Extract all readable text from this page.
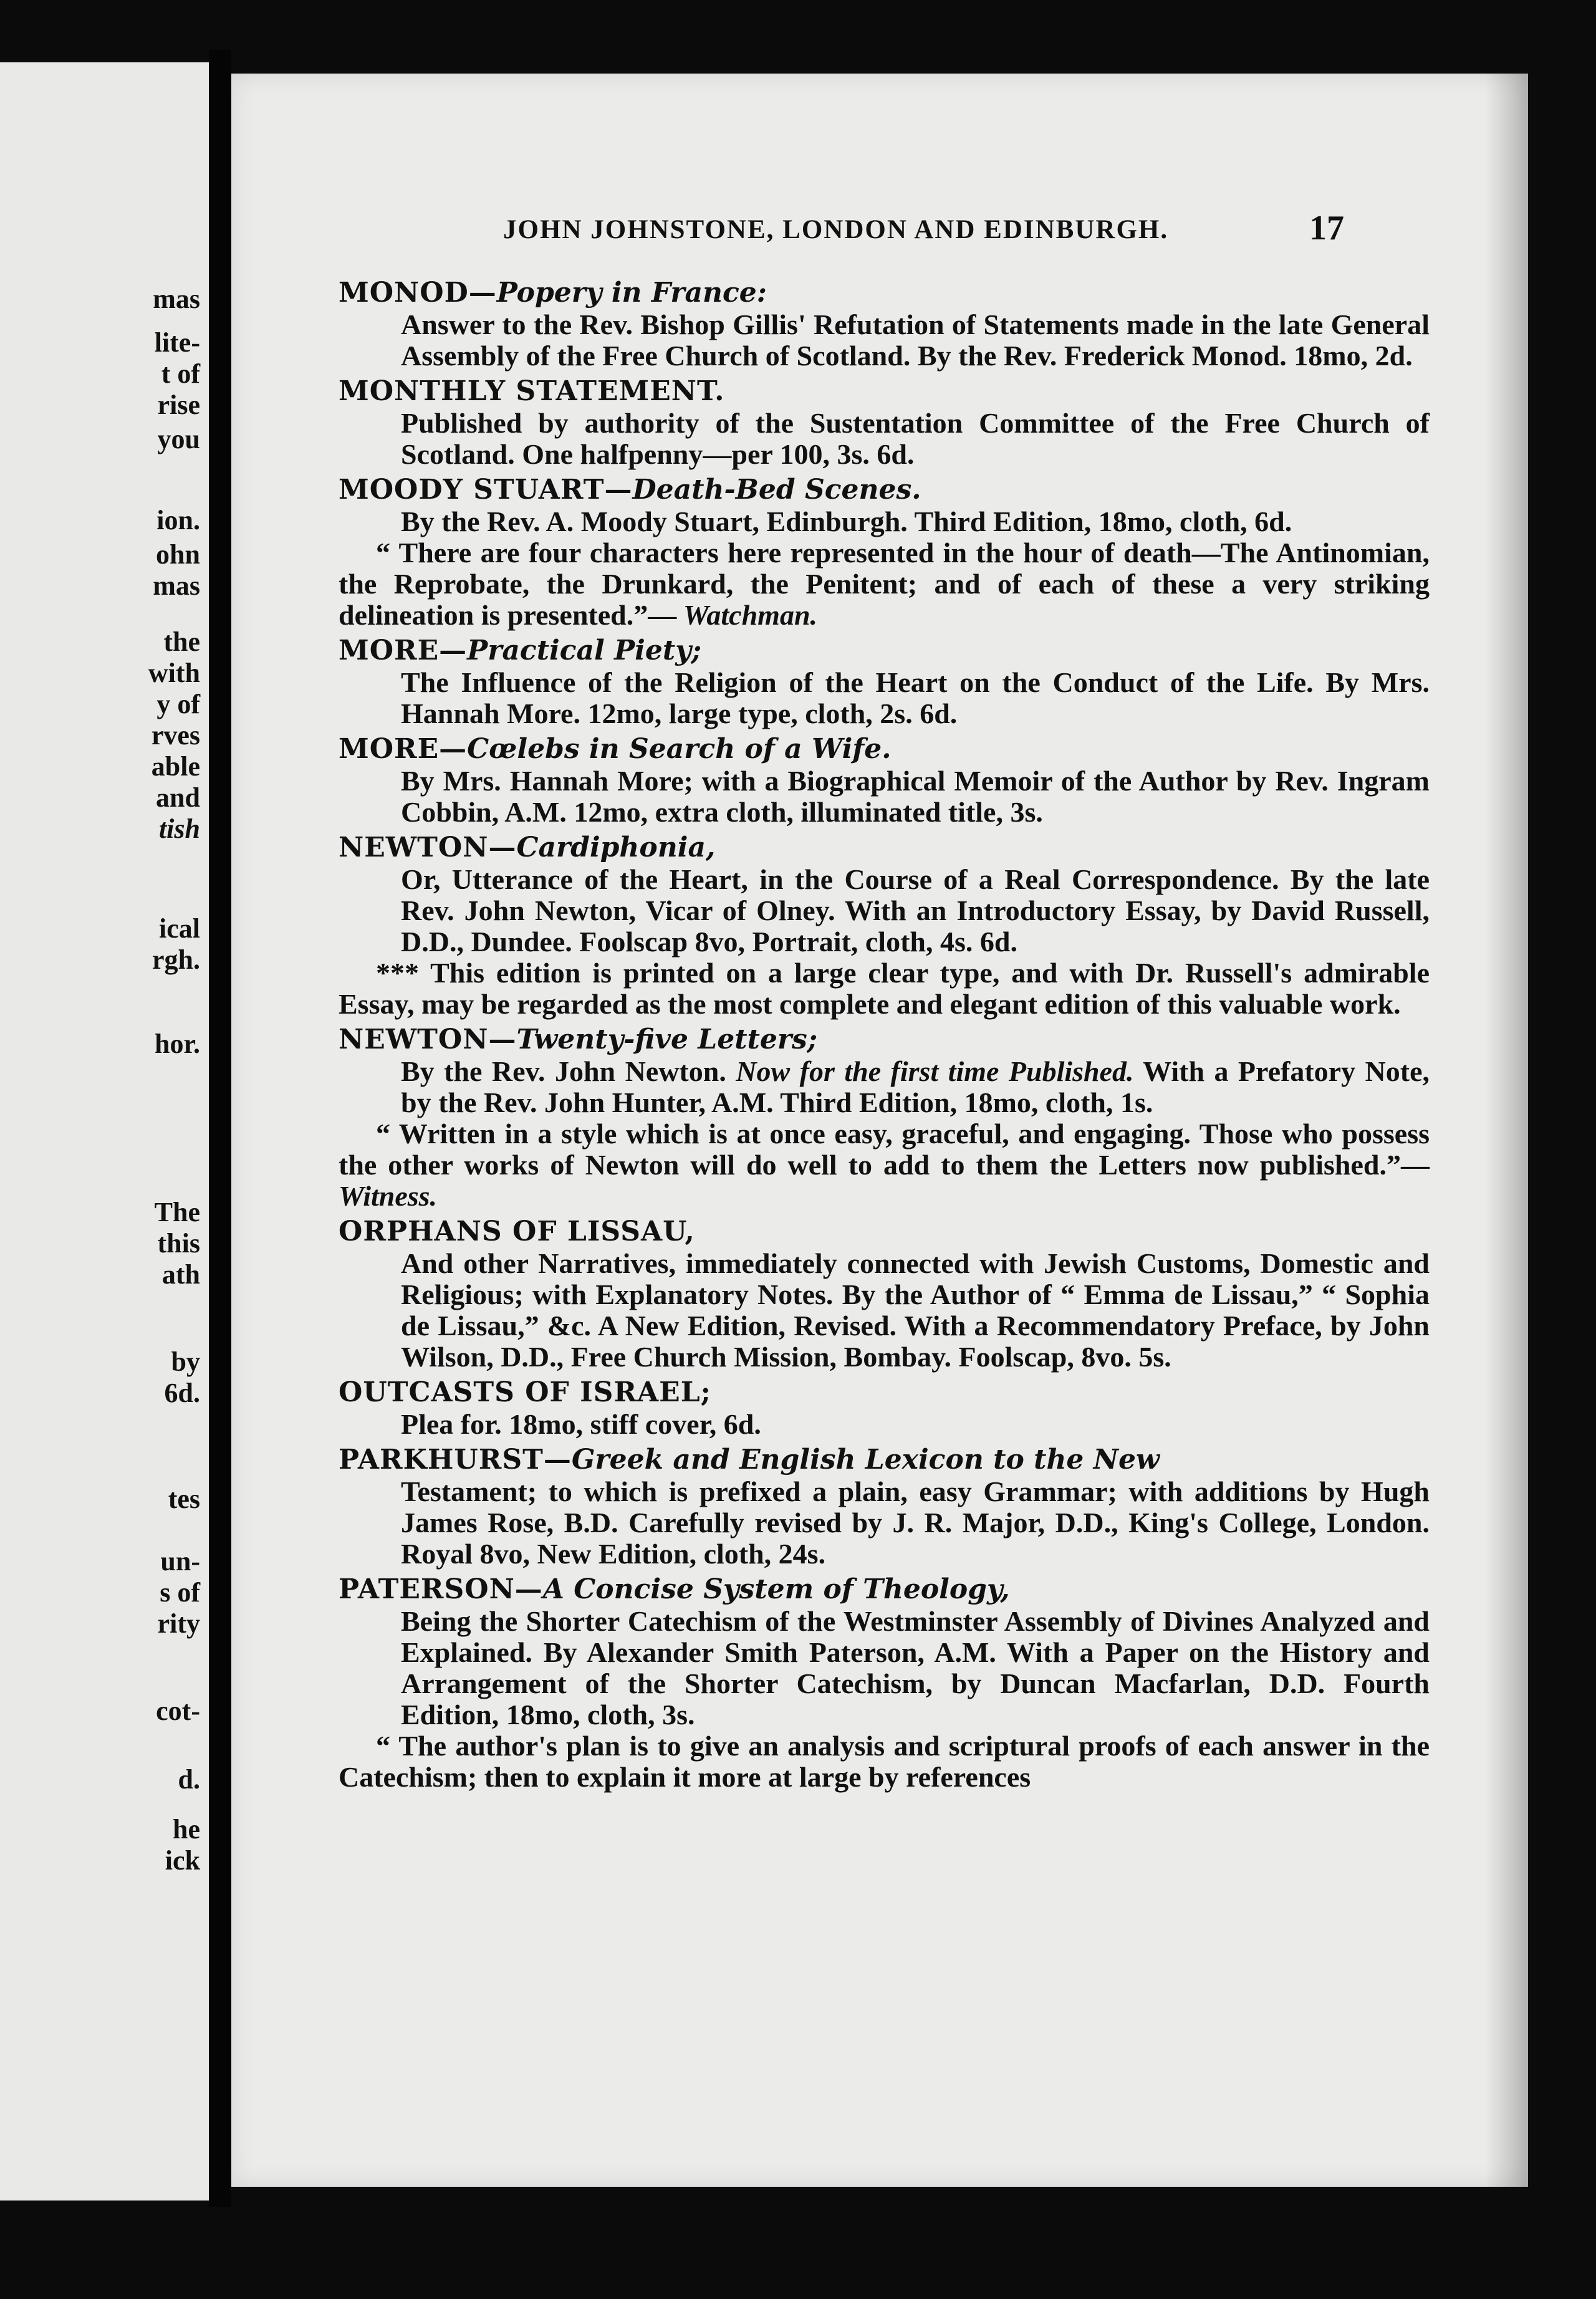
mas
lite-
t of
rise
you
ion.
ohn
mas
the
with
y of
rves
able
and
tish
ical
rgh.
hor.
The
this
ath
by
6d.
tes
un-
s of
rity
cot-
d.
he
ick
JOHN JOHNSTONE, LONDON AND EDINBURGH.	17
MONOD—Popery in France:
Answer to the Rev. Bishop Gillis' Refutation of Statements made in the late General Assembly of the Free Church of Scotland. By the Rev. Frederick Monod. 18mo, 2d.
MONTHLY STATEMENT.
Published by authority of the Sustentation Committee of the Free Church of Scotland. One halfpenny—per 100, 3s. 6d.
MOODY STUART—Death-Bed Scenes.
By the Rev. A. Moody Stuart, Edinburgh. Third Edition, 18mo, cloth, 6d.
“ There are four characters here represented in the hour of death—The Antinomian, the Reprobate, the Drunkard, the Penitent; and of each of these a very striking delineation is presented.”— Watchman.
MORE—Practical Piety;
The Influence of the Religion of the Heart on the Conduct of the Life. By Mrs. Hannah More. 12mo, large type, cloth, 2s. 6d.
MORE—Cœlebs in Search of a Wife.
By Mrs. Hannah More; with a Biographical Memoir of the Author by Rev. Ingram Cobbin, A.M. 12mo, extra cloth, illuminated title, 3s.
NEWTON—Cardiphonia,
Or, Utterance of the Heart, in the Course of a Real Correspondence. By the late Rev. John Newton, Vicar of Olney. With an Introductory Essay, by David Russell, D.D., Dundee. Foolscap 8vo, Portrait, cloth, 4s. 6d.
*** This edition is printed on a large clear type, and with Dr. Russell's admirable Essay, may be regarded as the most complete and elegant edition of this valuable work.
NEWTON—Twenty-five Letters;
By the Rev. John Newton. Now for the first time Published. With a Prefatory Note, by the Rev. John Hunter, A.M. Third Edition, 18mo, cloth, 1s.
“ Written in a style which is at once easy, graceful, and engaging. Those who possess the other works of Newton will do well to add to them the Letters now published.”— Witness.
ORPHANS OF LISSAU,
And other Narratives, immediately connected with Jewish Customs, Domestic and Religious; with Explanatory Notes. By the Author of “ Emma de Lissau,” “ Sophia de Lissau,” &c. A New Edition, Revised. With a Recommendatory Preface, by John Wilson, D.D., Free Church Mission, Bombay. Foolscap, 8vo. 5s.
OUTCASTS OF ISRAEL;
Plea for. 18mo, stiff cover, 6d.
PARKHURST—Greek and English Lexicon to the New
Testament; to which is prefixed a plain, easy Grammar; with additions by Hugh James Rose, B.D. Carefully revised by J. R. Major, D.D., King's College, London. Royal 8vo, New Edition, cloth, 24s.
PATERSON—A Concise System of Theology,
Being the Shorter Catechism of the Westminster Assembly of Divines Analyzed and Explained. By Alexander Smith Paterson, A.M. With a Paper on the History and Arrangement of the Shorter Catechism, by Duncan Macfarlan, D.D. Fourth Edition, 18mo, cloth, 3s.
“ The author's plan is to give an analysis and scriptural proofs of each answer in the Catechism; then to explain it more at large by references
